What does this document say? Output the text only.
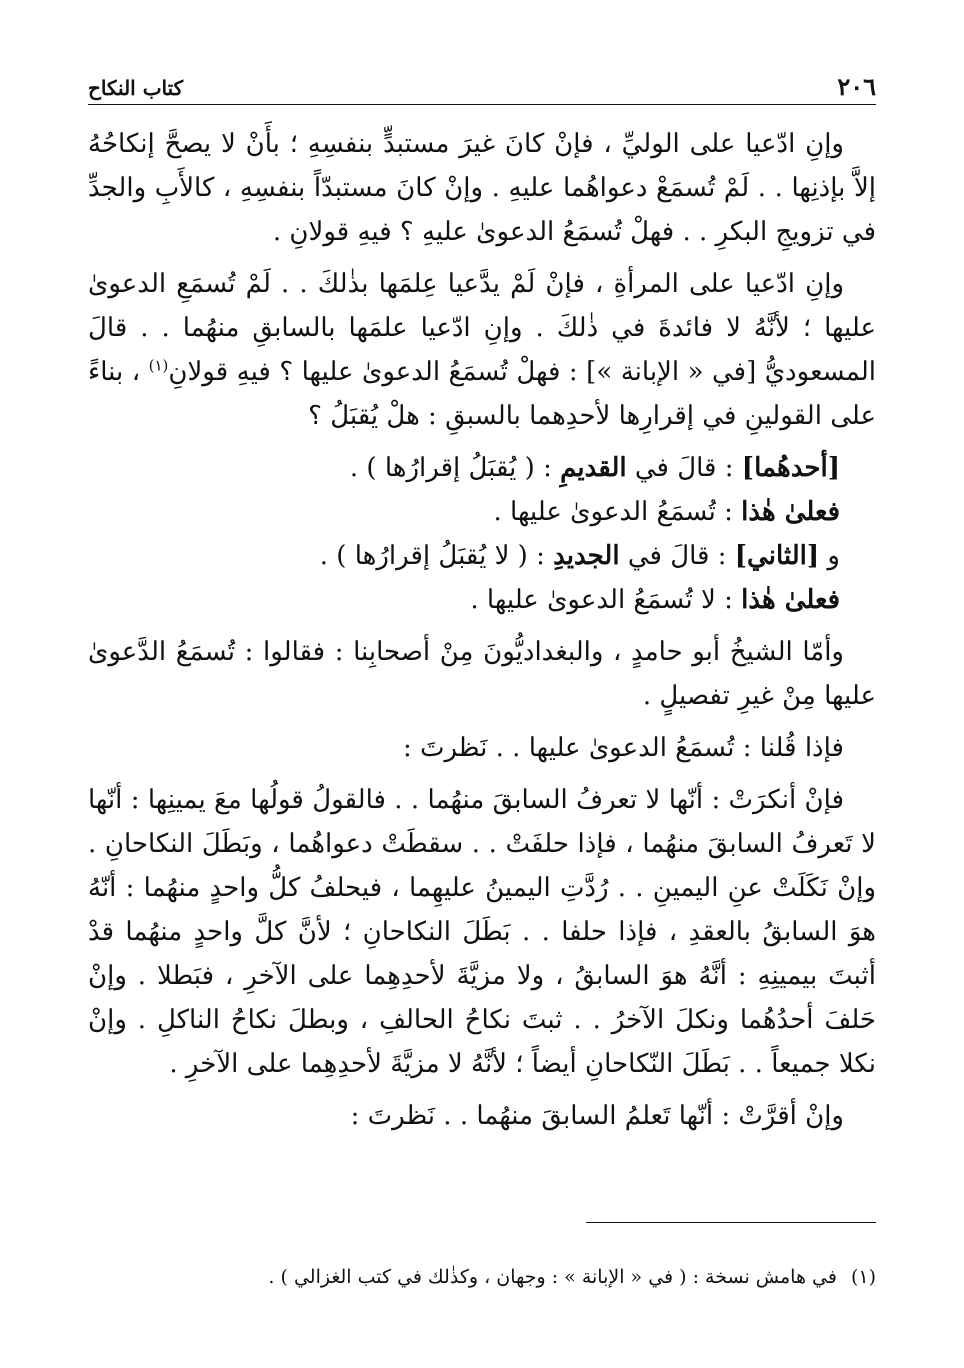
٢٠٦
كتاب النكاح

وإنِ ادّعيا على الوليِّ ، فإنْ كانَ غيرَ مستبدٍّ بنفسِهِ ؛ بأَنْ لا يصحَّ إنكاحُهُ إلاَّ بإذنِها . . لَمْ تُسمَعْ دعواهُما عليهِ . وإنْ كانَ مستبدّاً بنفسِهِ ، كالأَبِ والجدِّ في تزويجِ البكرِ . . فهلْ تُسمَعُ الدعوىٰ عليهِ ؟ فيهِ قولانِ .

وإنِ ادّعيا على المرأةِ ، فإنْ لَمْ يدَّعيا عِلمَها بذٰلكَ . . لَمْ تُسمَعِ الدعوىٰ عليها ؛ لأنَّهُ لا فائدةَ في ذٰلكَ . وإنِ ادّعيا علمَها بالسابقِ منهُما . . قالَ المسعوديُّ [في « الإبانة »] : فهلْ تُسمَعُ الدعوىٰ عليها ؟ فيهِ قولانِ$^{(١)}$ ، بناءً على القولينِ في إقرارِها لأحدِهما بالسبقِ : هلْ يُقبَلُ ؟

[أحدهُما] : قالَ في القديمِ : ( يُقبَلُ إقرارُها ) .

فعلىٰ هٰذا : تُسمَعُ الدعوىٰ عليها .

و [الثاني] : قالَ في الجديدِ : ( لا يُقبَلُ إقرارُها ) .

فعلىٰ هٰذا : لا تُسمَعُ الدعوىٰ عليها .

وأمّا الشيخُ أبو حامدٍ ، والبغداديُّونَ مِنْ أصحابِنا : فقالوا : تُسمَعُ الدَّعوىٰ عليها مِنْ غيرِ تفصيلٍ .

فإذا قُلنا : تُسمَعُ الدعوىٰ عليها . . نَظرتَ :

فإنْ أنكرَتْ : أنّها لا تعرفُ السابقَ منهُما . . فالقولُ قولُها معَ يمينِها : أنّها لا تَعرفُ السابقَ منهُما ، فإذا حلفَتْ . . سقطَتْ دعواهُما ، وبَطَلَ النكاحانِ . وإنْ نَكَلَتْ عنِ اليمينِ . . رُدَّتِ اليمينُ عليهِما ، فيحلفُ كلُّ واحدٍ منهُما : أنّهُ هوَ السابقُ بالعقدِ ، فإذا حلفا . . بَطَلَ النكاحانِ ؛ لأنَّ كلَّ واحدٍ منهُما قدْ أثبتَ بيمينِهِ : أنَّهُ هوَ السابقُ ، ولا مزيَّةَ لأحدِهِما على الآخرِ ، فبَطلا . وإنْ حَلفَ أحدُهُما ونكلَ الآخرُ . . ثبتَ نكاحُ الحالفِ ، وبطلَ نكاحُ الناكلِ . وإنْ نكلا جميعاً . . بَطَلَ النّكاحانِ أيضاً ؛ لأنَّهُ لا مزيَّةَ لأحدِهِما على الآخرِ .

وإنْ أقرَّتْ : أنّها تَعلمُ السابقَ منهُما . . نَظرتَ :

(١)في هامش نسخة : ( في « الإبانة » : وجهان ، وكذٰلك في كتب الغزالي ) .
